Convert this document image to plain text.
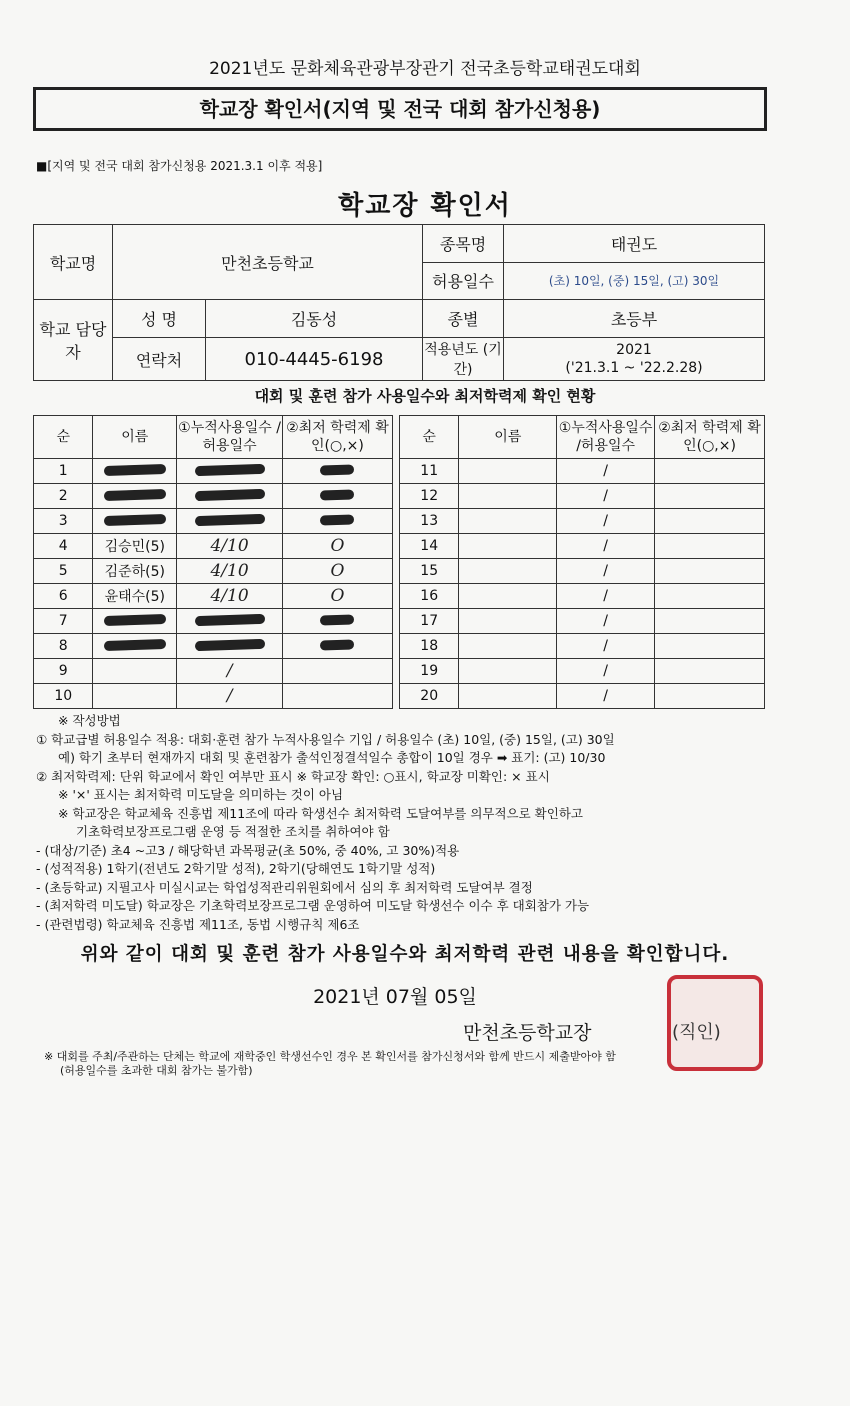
2021년도 문화체육관광부장관기 전국초등학교태권도대회
학교장 확인서(지역 및 전국 대회 참가신청용)
■[지역 및 전국 대회 참가신청용 2021.3.1 이후 적용]
학교장 확인서
학교명	만천초등학교		종목명	태권도
			허용일수	(초) 10일, (중) 15일, (고) 30일
학교 담당자	성 명	김동성	종별	초등부
	연락처	010-4445-6198	적용년도 (기간)	2021
('21.3.1 ~ '22.2.28)
대회 및 훈련 참가 사용일수와 최저학력제 확인 현황
순	이름	①누적사용일수 /허용일수	②최저 학력제 확인(○,×)		순	이름	①누적사용일수 /허용일수	②최저 학력제 확인(○,×)
1					11		/	
2					12		/	
3					13		/	
4	김승민(5)	4/10	O		14		/	
5	김준하(5)	4/10	O		15		/	
6	윤태수(5)	4/10	O		16		/	
7					17		/	
8					18		/	
9		/			19		/	
10		/			20		/	

※ 작성방법

① 학교급별 허용일수 적용: 대회·훈련 참가 누적사용일수 기입 / 허용일수 (초) 10일, (중) 15일, (고) 30일

예) 학기 초부터 현재까지 대회 및 훈련참가 출석인정결석일수 총합이 10일 경우 ➡ 표기: (고) 10/30

② 최저학력제: 단위 학교에서 확인 여부만 표시 ※ 학교장 확인: ○표시, 학교장 미확인: × 표시

※ '×' 표시는 최저학력 미도달을 의미하는 것이 아님

※ 학교장은 학교체육 진흥법 제11조에 따라 학생선수 최저학력 도달여부를 의무적으로 확인하고

기초학력보장프로그램 운영 등 적절한 조치를 취하여야 함

- (대상/기준) 초4 ~고3 / 해당학년 과목평균(초 50%, 중 40%, 고 30%)적용

- (성적적용) 1학기(전년도 2학기말 성적), 2학기(당해연도 1학기말 성적)

- (초등학교) 지필고사 미실시교는 학업성적관리위원회에서 심의 후 최저학력 도달여부 결정

- (최저학력 미도달) 학교장은 기초학력보장프로그램 운영하여 미도달 학생선수 이수 후 대회참가 가능

- (관련법령) 학교체육 진흥법 제11조, 동법 시행규칙 제6조

위와 같이 대회 및 훈련 참가 사용일수와 최저학력 관련 내용을 확인합니다.
2021년 07월 05일
만천초등학교장	(직인)

※ 대회를 주최/주관하는 단체는 학교에 재학중인 학생선수인 경우 본 확인서를 참가신청서와 함께 반드시 제출받아야 함

(허용일수를 초과한 대회 참가는 불가함)
